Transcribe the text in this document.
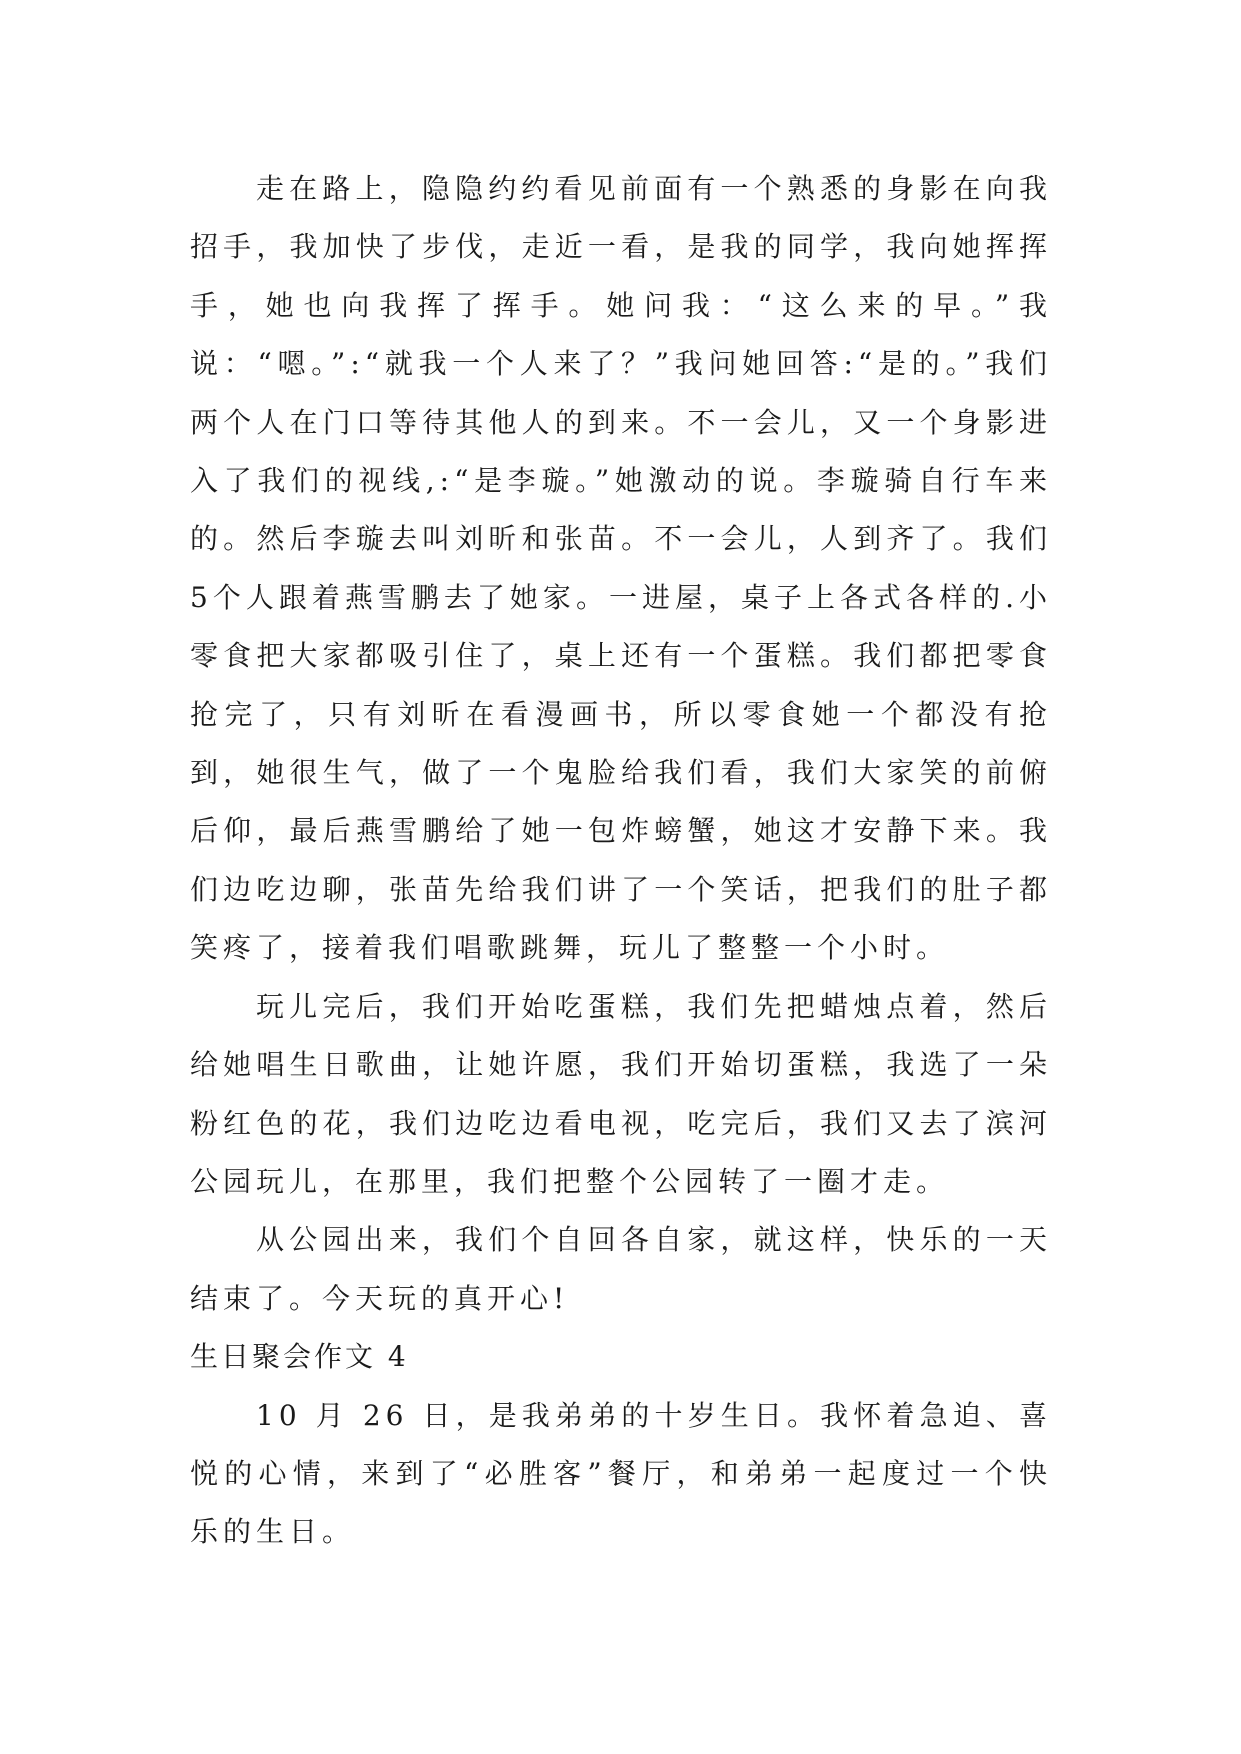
走在路上，隐隐约约看见前面有一个熟悉的身影在向我招手，我加快了步伐，走近一看，是我的同学，我向她挥挥手，她也向我挥了挥手。她问我：“这么来的早。”我说：“嗯。”:“就我一个人来了？”我问她回答:“是的。”我们两个人在门口等待其他人的到来。不一会儿，又一个身影进入了我们的视线,:“是李璇。”她激动的说。李璇骑自行车来的。然后李璇去叫刘昕和张苗。不一会儿，人到齐了。我们5个人跟着燕雪鹏去了她家。一进屋，桌子上各式各样的.小零食把大家都吸引住了，桌上还有一个蛋糕。我们都把零食抢完了，只有刘昕在看漫画书，所以零食她一个都没有抢到，她很生气，做了一个鬼脸给我们看，我们大家笑的前俯后仰，最后燕雪鹏给了她一包炸螃蟹，她这才安静下来。我们边吃边聊，张苗先给我们讲了一个笑话，把我们的肚子都笑疼了，接着我们唱歌跳舞，玩儿了整整一个小时。

玩儿完后，我们开始吃蛋糕，我们先把蜡烛点着，然后给她唱生日歌曲，让她许愿，我们开始切蛋糕，我选了一朵粉红色的花，我们边吃边看电视，吃完后，我们又去了滨河公园玩儿，在那里，我们把整个公园转了一圈才走。

从公园出来，我们个自回各自家，就这样，快乐的一天结束了。今天玩的真开心!

生日聚会作文 4

10 月 26 日，是我弟弟的十岁生日。我怀着急迫、喜悦的心情，来到了“必胜客”餐厅，和弟弟一起度过一个快乐的生日。
